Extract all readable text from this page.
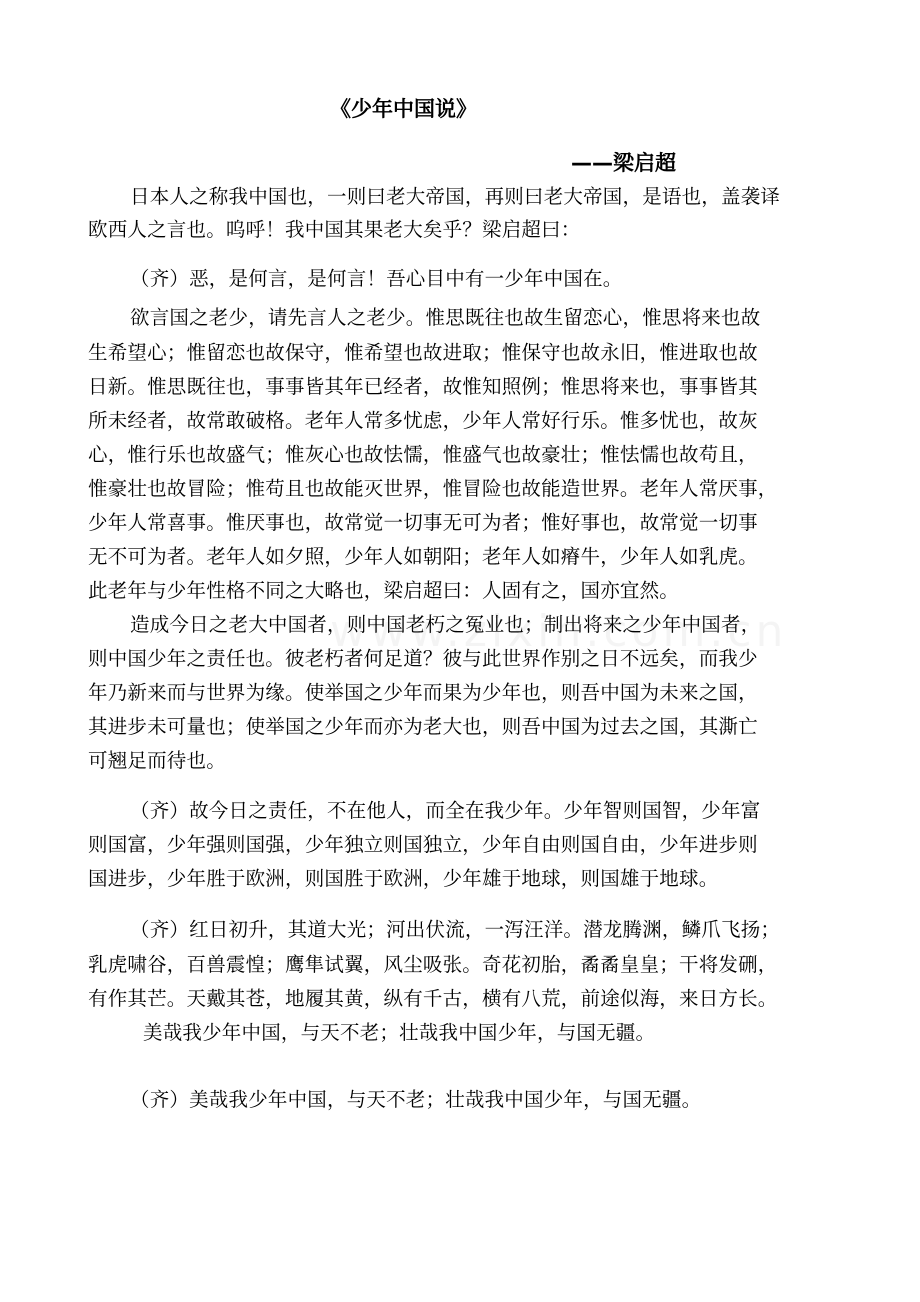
《少年中国说》
——梁启超
日本人之称我中国也，一则曰老大帝国，再则曰老大帝国，是语也，盖袭译
欧西人之言也。呜呼！我中国其果老大矣乎？梁启超曰：
（齐）恶，是何言，是何言！吾心目中有一少年中国在。
欲言国之老少，请先言人之老少。惟思既往也故生留恋心，惟思将来也故
生希望心；惟留恋也故保守，惟希望也故进取；惟保守也故永旧，惟进取也故
日新。惟思既往也，事事皆其年已经者，故惟知照例；惟思将来也，事事皆其
所未经者，故常敢破格。老年人常多忧虑，少年人常好行乐。惟多忧也，故灰
心，惟行乐也故盛气；惟灰心也故怯懦，惟盛气也故豪壮；惟怯懦也故苟且，
惟豪壮也故冒险；惟苟且也故能灭世界，惟冒险也故能造世界。老年人常厌事，
少年人常喜事。惟厌事也，故常觉一切事无可为者；惟好事也，故常觉一切事
无不可为者。老年人如夕照，少年人如朝阳；老年人如瘠牛，少年人如乳虎。
此老年与少年性格不同之大略也，梁启超曰：人固有之，国亦宜然。
造成今日之老大中国者，则中国老朽之冤业也；制出将来之少年中国者，
则中国少年之责任也。彼老朽者何足道？彼与此世界作别之日不远矣，而我少
年乃新来而与世界为缘。使举国之少年而果为少年也，则吾中国为未来之国，
其进步未可量也；使举国之少年而亦为老大也，则吾中国为过去之国，其澌亡
可翘足而待也。
（齐）故今日之责任，不在他人，而全在我少年。少年智则国智，少年富
则国富，少年强则国强，少年独立则国独立，少年自由则国自由，少年进步则
国进步，少年胜于欧洲，则国胜于欧洲，少年雄于地球，则国雄于地球。
（齐）红日初升，其道大光；河出伏流，一泻汪洋。潜龙腾渊，鳞爪飞扬；
乳虎啸谷，百兽震惶；鹰隼试翼，风尘吸张。奇花初胎，矞矞皇皇；干将发硎，
有作其芒。天戴其苍，地履其黄，纵有千古，横有八荒，前途似海，来日方长。
美哉我少年中国，与天不老；壮哉我中国少年，与国无疆。
（齐）美哉我少年中国，与天不老；壮哉我中国少年，与国无疆。
